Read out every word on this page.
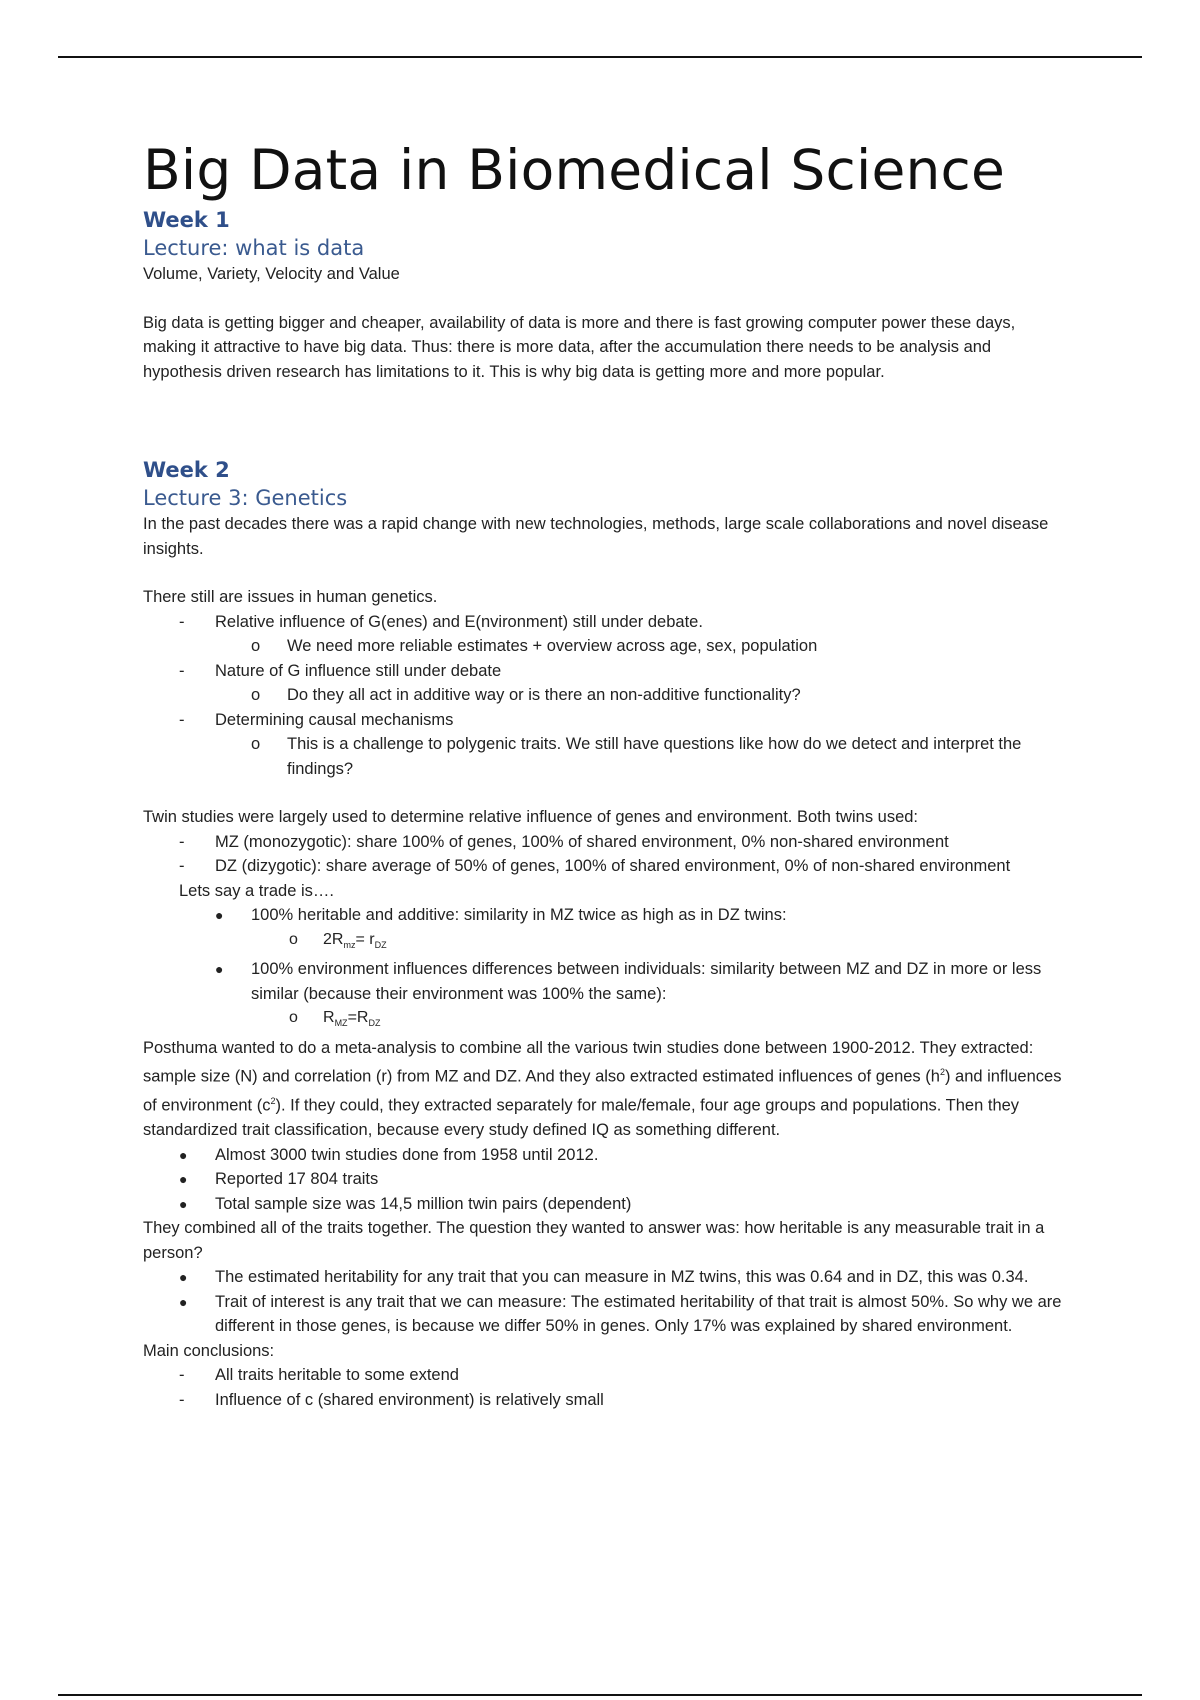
Big Data in Biomedical Science
Week 1
Lecture: what is data
Volume, Variety, Velocity and Value
Big data is getting bigger and cheaper, availability of data is more and there is fast growing computer power these days, making it attractive to have big data. Thus: there is more data, after the accumulation there needs to be analysis and hypothesis driven research has limitations to it. This is why big data is getting more and more popular.
Week 2
Lecture 3: Genetics
In the past decades there was a rapid change with new technologies, methods, large scale collaborations and novel disease insights.
There still are issues in human genetics.
- Relative influence of G(enes) and E(nvironment) still under debate.
o We need more reliable estimates + overview across age, sex, population
- Nature of G influence still under debate
o Do they all act in additive way or is there an non-additive functionality?
- Determining causal mechanisms
o This is a challenge to polygenic traits. We still have questions like how do we detect and interpret the findings?
Twin studies were largely used to determine relative influence of genes and environment. Both twins used:
- MZ (monozygotic): share 100% of genes, 100% of shared environment, 0% non-shared environment
- DZ (dizygotic): share average of 50% of genes, 100% of shared environment, 0% of non-shared environment
Lets say a trade is….
● 100% heritable and additive: similarity in MZ twice as high as in DZ twins:
o $2R_{mz}= r_{DZ}$
● 100% environment influences differences between individuals: similarity between MZ and DZ in more or less similar (because their environment was 100% the same):
o $R_{MZ}=R_{DZ}$
Posthuma wanted to do a meta-analysis to combine all the various twin studies done between 1900-2012. They extracted: sample size (N) and correlation (r) from MZ and DZ. And they also extracted estimated influences of genes $(h^2)$ and influences of environment $(c^2)$. If they could, they extracted separately for male/female, four age groups and populations. Then they standardized trait classification, because every study defined IQ as something different.
● Almost 3000 twin studies done from 1958 until 2012.
● Reported 17 804 traits
● Total sample size was 14,5 million twin pairs (dependent)
They combined all of the traits together. The question they wanted to answer was: how heritable is any measurable trait in a person?
● The estimated heritability for any trait that you can measure in MZ twins, this was 0.64 and in DZ, this was 0.34.
● Trait of interest is any trait that we can measure: The estimated heritability of that trait is almost 50%. So why we are different in those genes, is because we differ 50% in genes. Only 17% was explained by shared environment.
Main conclusions:
- All traits heritable to some extend
- Influence of c (shared environment) is relatively small
